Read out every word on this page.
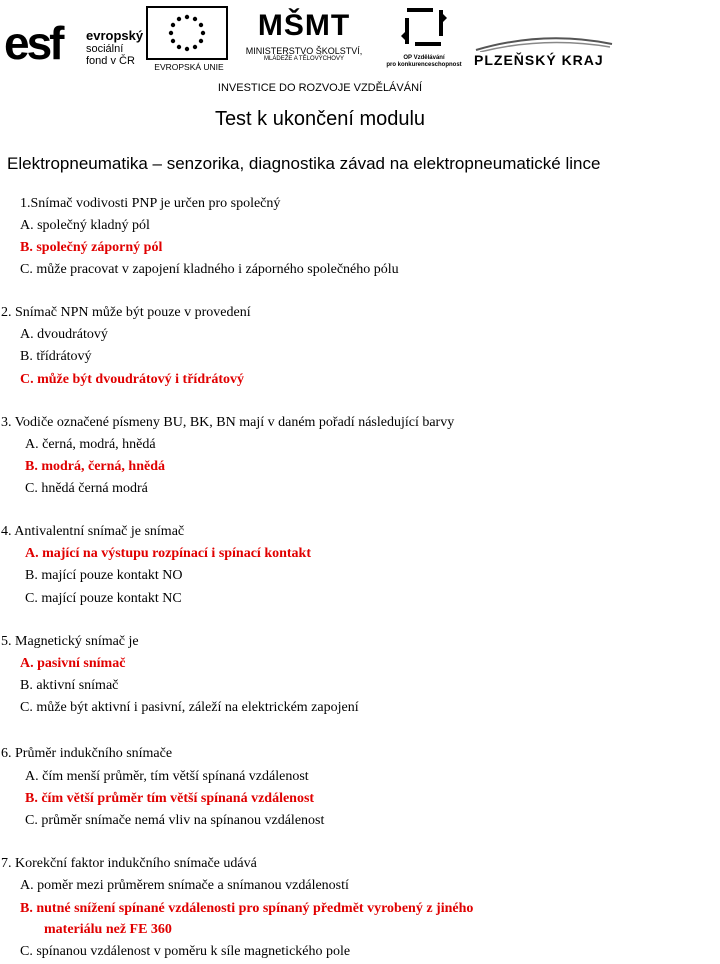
esf evropský
sociální
fond v ČR	EVROPSKÁ UNIE
MŠMT
MINISTERSTVO ŠKOLSTVÍ,
MLÁDEŽE A TĚLOVÝCHOVY	OP Vzdělávání
pro konkurenceschopnost PLZEŇSKÝ KRAJ
INVESTICE DO ROZVOJE VZDĚLÁVÁNÍ
Test k ukončení modulu
Elektropneumatika – senzorika, diagnostika závad na elektropneumatické lince
1.Snímač vodivosti PNP je určen pro společný
A. společný kladný pól
B. společný záporný pól
C. může pracovat v zapojení kladného i záporného společného pólu
2. Snímač NPN může být pouze v provedení
A. dvoudrátový
B. třídrátový
C. může být dvoudrátový i třídrátový
3. Vodiče označené písmeny BU, BK, BN mají v daném pořadí následující barvy
A. černá, modrá, hnědá
B. modrá, černá, hnědá
C. hnědá černá modrá
4. Antivalentní snímač je snímač
A. mající na výstupu rozpínací i spínací kontakt
B. mající pouze kontakt NO
C. mající pouze kontakt NC
5. Magnetický snímač je
A. pasivní snímač
B. aktivní snímač
C. může být aktivní i pasivní, záleží na elektrickém zapojení
6. Průměr indukčního snímače
A. čím menší průměr, tím větší spínaná vzdálenost
B. čím větší průměr tím větší spínaná vzdálenost
C. průměr snímače nemá vliv na spínanou vzdálenost
7. Korekční faktor indukčního snímače udává
A. poměr mezi průměrem snímače a snímanou vzdáleností
B. nutné snížení spínané vzdálenosti pro spínaný předmět vyrobený z jiného
materiálu než FE 360
C. spínanou vzdálenost v poměru k síle magnetického pole
